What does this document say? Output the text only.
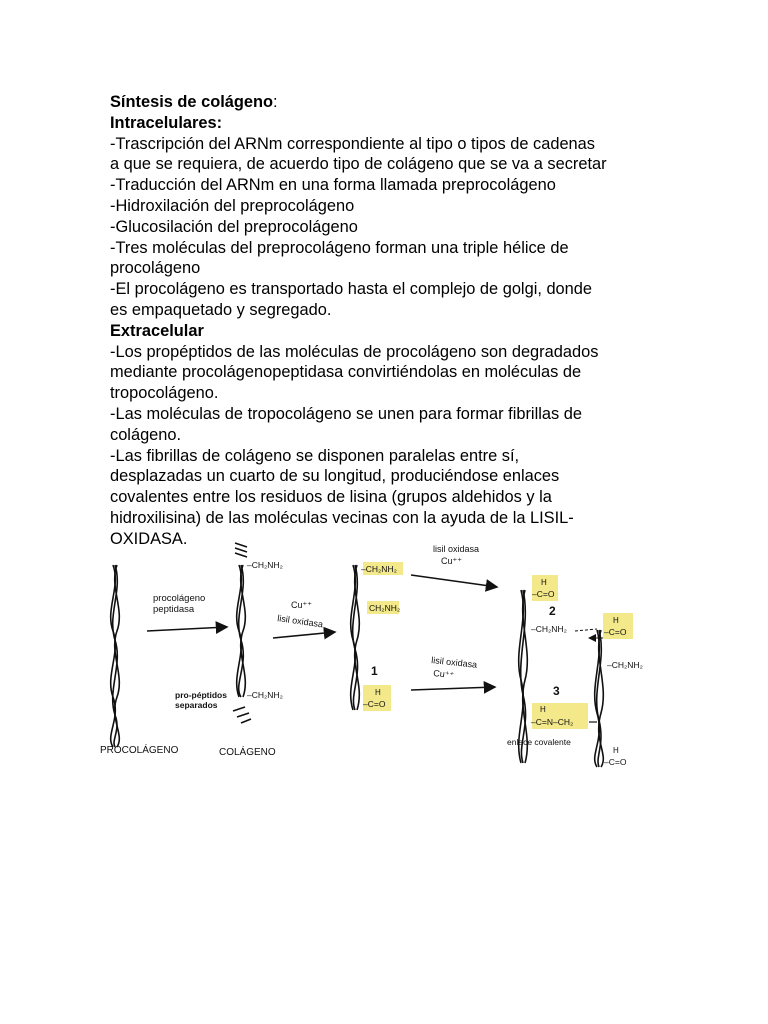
Síntesis de colágeno:
Intracelulares:
-Trascripción del ARNm correspondiente al tipo o tipos de cadenas
a que se requiera, de acuerdo tipo de colágeno que se va a secretar
-Traducción del ARNm en una forma llamada preprocolágeno
-Hidroxilación del preprocolágeno
-Glucosilación del preprocolágeno
-Tres moléculas del preprocolágeno forman una triple hélice de
procolágeno
-El procolágeno es transportado hasta el complejo de golgi, donde
es empaquetado y segregado.
Extracelular
-Los propéptidos de las moléculas de procolágeno son degradados
mediante procolágenopeptidasa convirtiéndolas en moléculas de
tropocolágeno.
-Las moléculas de tropocolágeno se unen para formar fibrillas de
colágeno.
-Las fibrillas de colágeno se disponen paralelas entre sí,
desplazadas un cuarto de su longitud, produciéndose enlaces
covalentes entre los residuos de lisina (grupos aldehidos y la
hidroxilisina) de las moléculas vecinas con la ayuda de la LISIL-
OXIDASA.
procolágeno
peptidasa
pro-péptidos
separados
–CH₂NH₂
–CH₂NH₂
Cu⁺⁺
lisil oxidasa
–CH₂NH₂
CH₂NH₂
1
H
–C=O
lisil oxidasa
Cu⁺⁺
lisil oxidasa
Cu⁺⁺
H
–C=O
2
–CH₂NH₂
3
H
–C=N–CH₂
enlace covalente
H
–C=O
–CH₂NH₂
H
–C=O
PROCOLÁGENO	COLÁGENO
